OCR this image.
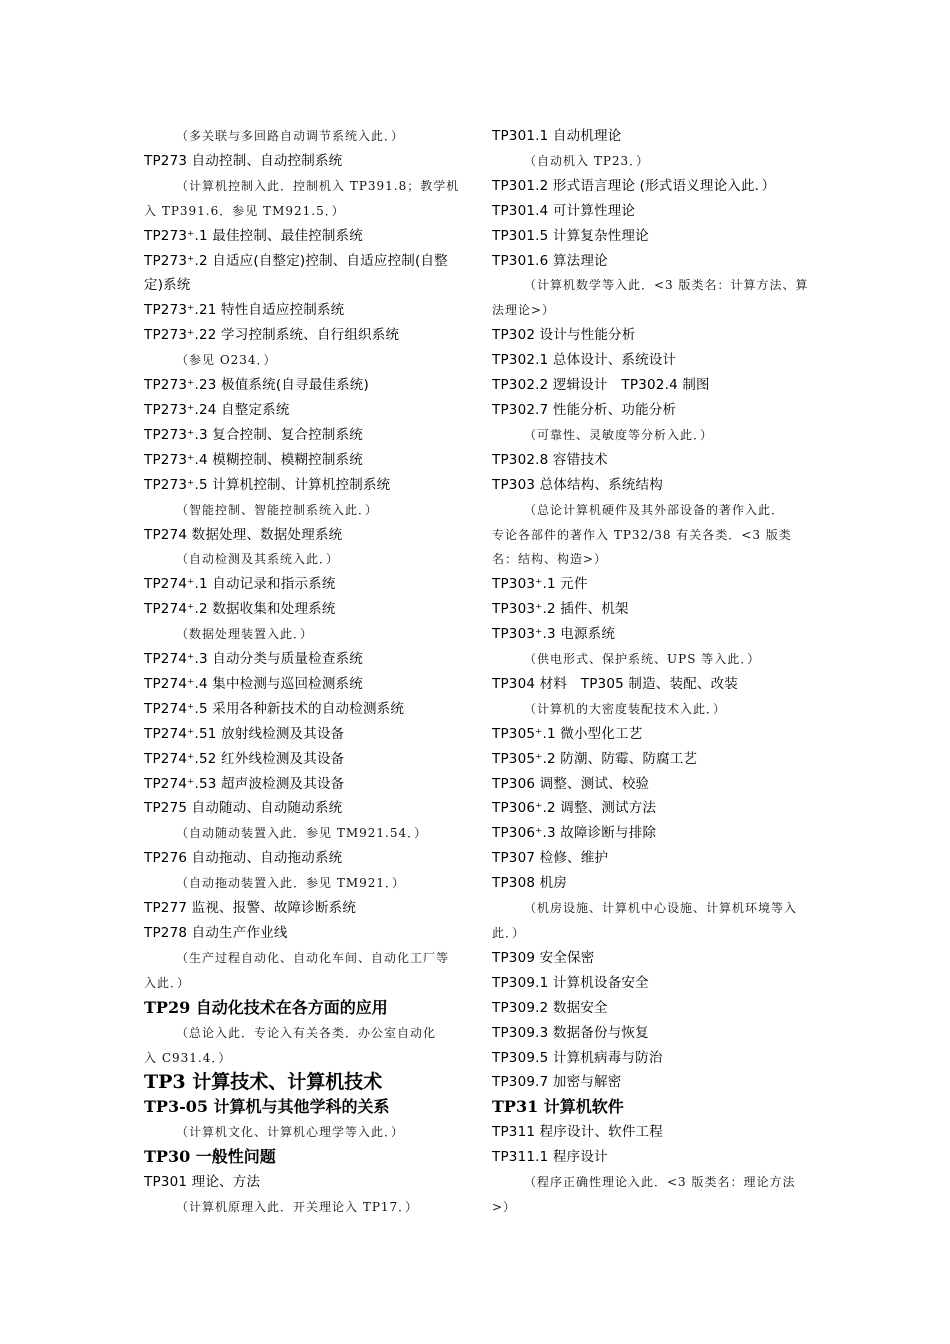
（多关联与多回路自动调节系统入此．）
TP273 自动控制、自动控制系统
（计算机控制入此．控制机入 TP391.8；教学机
入 TP391.6．参见 TM921.5．）
TP273⁺.1 最佳控制、最佳控制系统
TP273⁺.2 自适应(自整定)控制、自适应控制(自整
定)系统
TP273⁺.21 特性自适应控制系统
TP273⁺.22 学习控制系统、自行组织系统
（参见 O234．）
TP273⁺.23 极值系统(自寻最佳系统)
TP273⁺.24 自整定系统
TP273⁺.3 复合控制、复合控制系统
TP273⁺.4 模糊控制、模糊控制系统
TP273⁺.5 计算机控制、计算机控制系统
（智能控制、智能控制系统入此．）
TP274 数据处理、数据处理系统
（自动检测及其系统入此．）
TP274⁺.1 自动记录和指示系统
TP274⁺.2 数据收集和处理系统
（数据处理装置入此．）
TP274⁺.3 自动分类与质量检查系统
TP274⁺.4 集中检测与巡回检测系统
TP274⁺.5 采用各种新技术的自动检测系统
TP274⁺.51 放射线检测及其设备
TP274⁺.52 红外线检测及其设备
TP274⁺.53 超声波检测及其设备
TP275 自动随动、自动随动系统
（自动随动装置入此．参见 TM921.54．）
TP276 自动拖动、自动拖动系统
（自动拖动装置入此．参见 TM921．）
TP277 监视、报警、故障诊断系统
TP278 自动生产作业线
（生产过程自动化、自动化车间、自动化工厂等
入此．）
TP29 自动化技术在各方面的应用
（总论入此．专论入有关各类．办公室自动化
入 C931.4．）
TP3 计算技术、计算机技术
TP3-05 计算机与其他学科的关系
（计算机文化、计算机心理学等入此．）
TP30 一般性问题
TP301 理论、方法
（计算机原理入此．开关理论入 TP17．）
TP301.1 自动机理论
（自动机入 TP23．）
TP301.2 形式语言理论 (形式语义理论入此．）
TP301.4 可计算性理论
TP301.5 计算复杂性理论
TP301.6 算法理论
（计算机数学等入此．<3 版类名：计算方法、算
法理论>）
TP302 设计与性能分析
TP302.1 总体设计、系统设计
TP302.2 逻辑设计　TP302.4 制图
TP302.7 性能分析、功能分析
（可靠性、灵敏度等分析入此．）
TP302.8 容错技术
TP303 总体结构、系统结构
（总论计算机硬件及其外部设备的著作入此．
专论各部件的著作入 TP32/38 有关各类．<3 版类
名：结构、构造>）
TP303⁺.1 元件
TP303⁺.2 插件、机架
TP303⁺.3 电源系统
（供电形式、保护系统、UPS 等入此．）
TP304 材料　TP305 制造、装配、改装
（计算机的大密度装配技术入此．）
TP305⁺.1 微小型化工艺
TP305⁺.2 防潮、防霉、防腐工艺
TP306 调整、测试、校验
TP306⁺.2 调整、测试方法
TP306⁺.3 故障诊断与排除
TP307 检修、维护
TP308 机房
（机房设施、计算机中心设施、计算机环境等入
此．）
TP309 安全保密
TP309.1 计算机设备安全
TP309.2 数据安全
TP309.3 数据备份与恢复
TP309.5 计算机病毒与防治
TP309.7 加密与解密
TP31 计算机软件
TP311 程序设计、软件工程
TP311.1 程序设计
（程序正确性理论入此．<3 版类名：理论方法
>）
